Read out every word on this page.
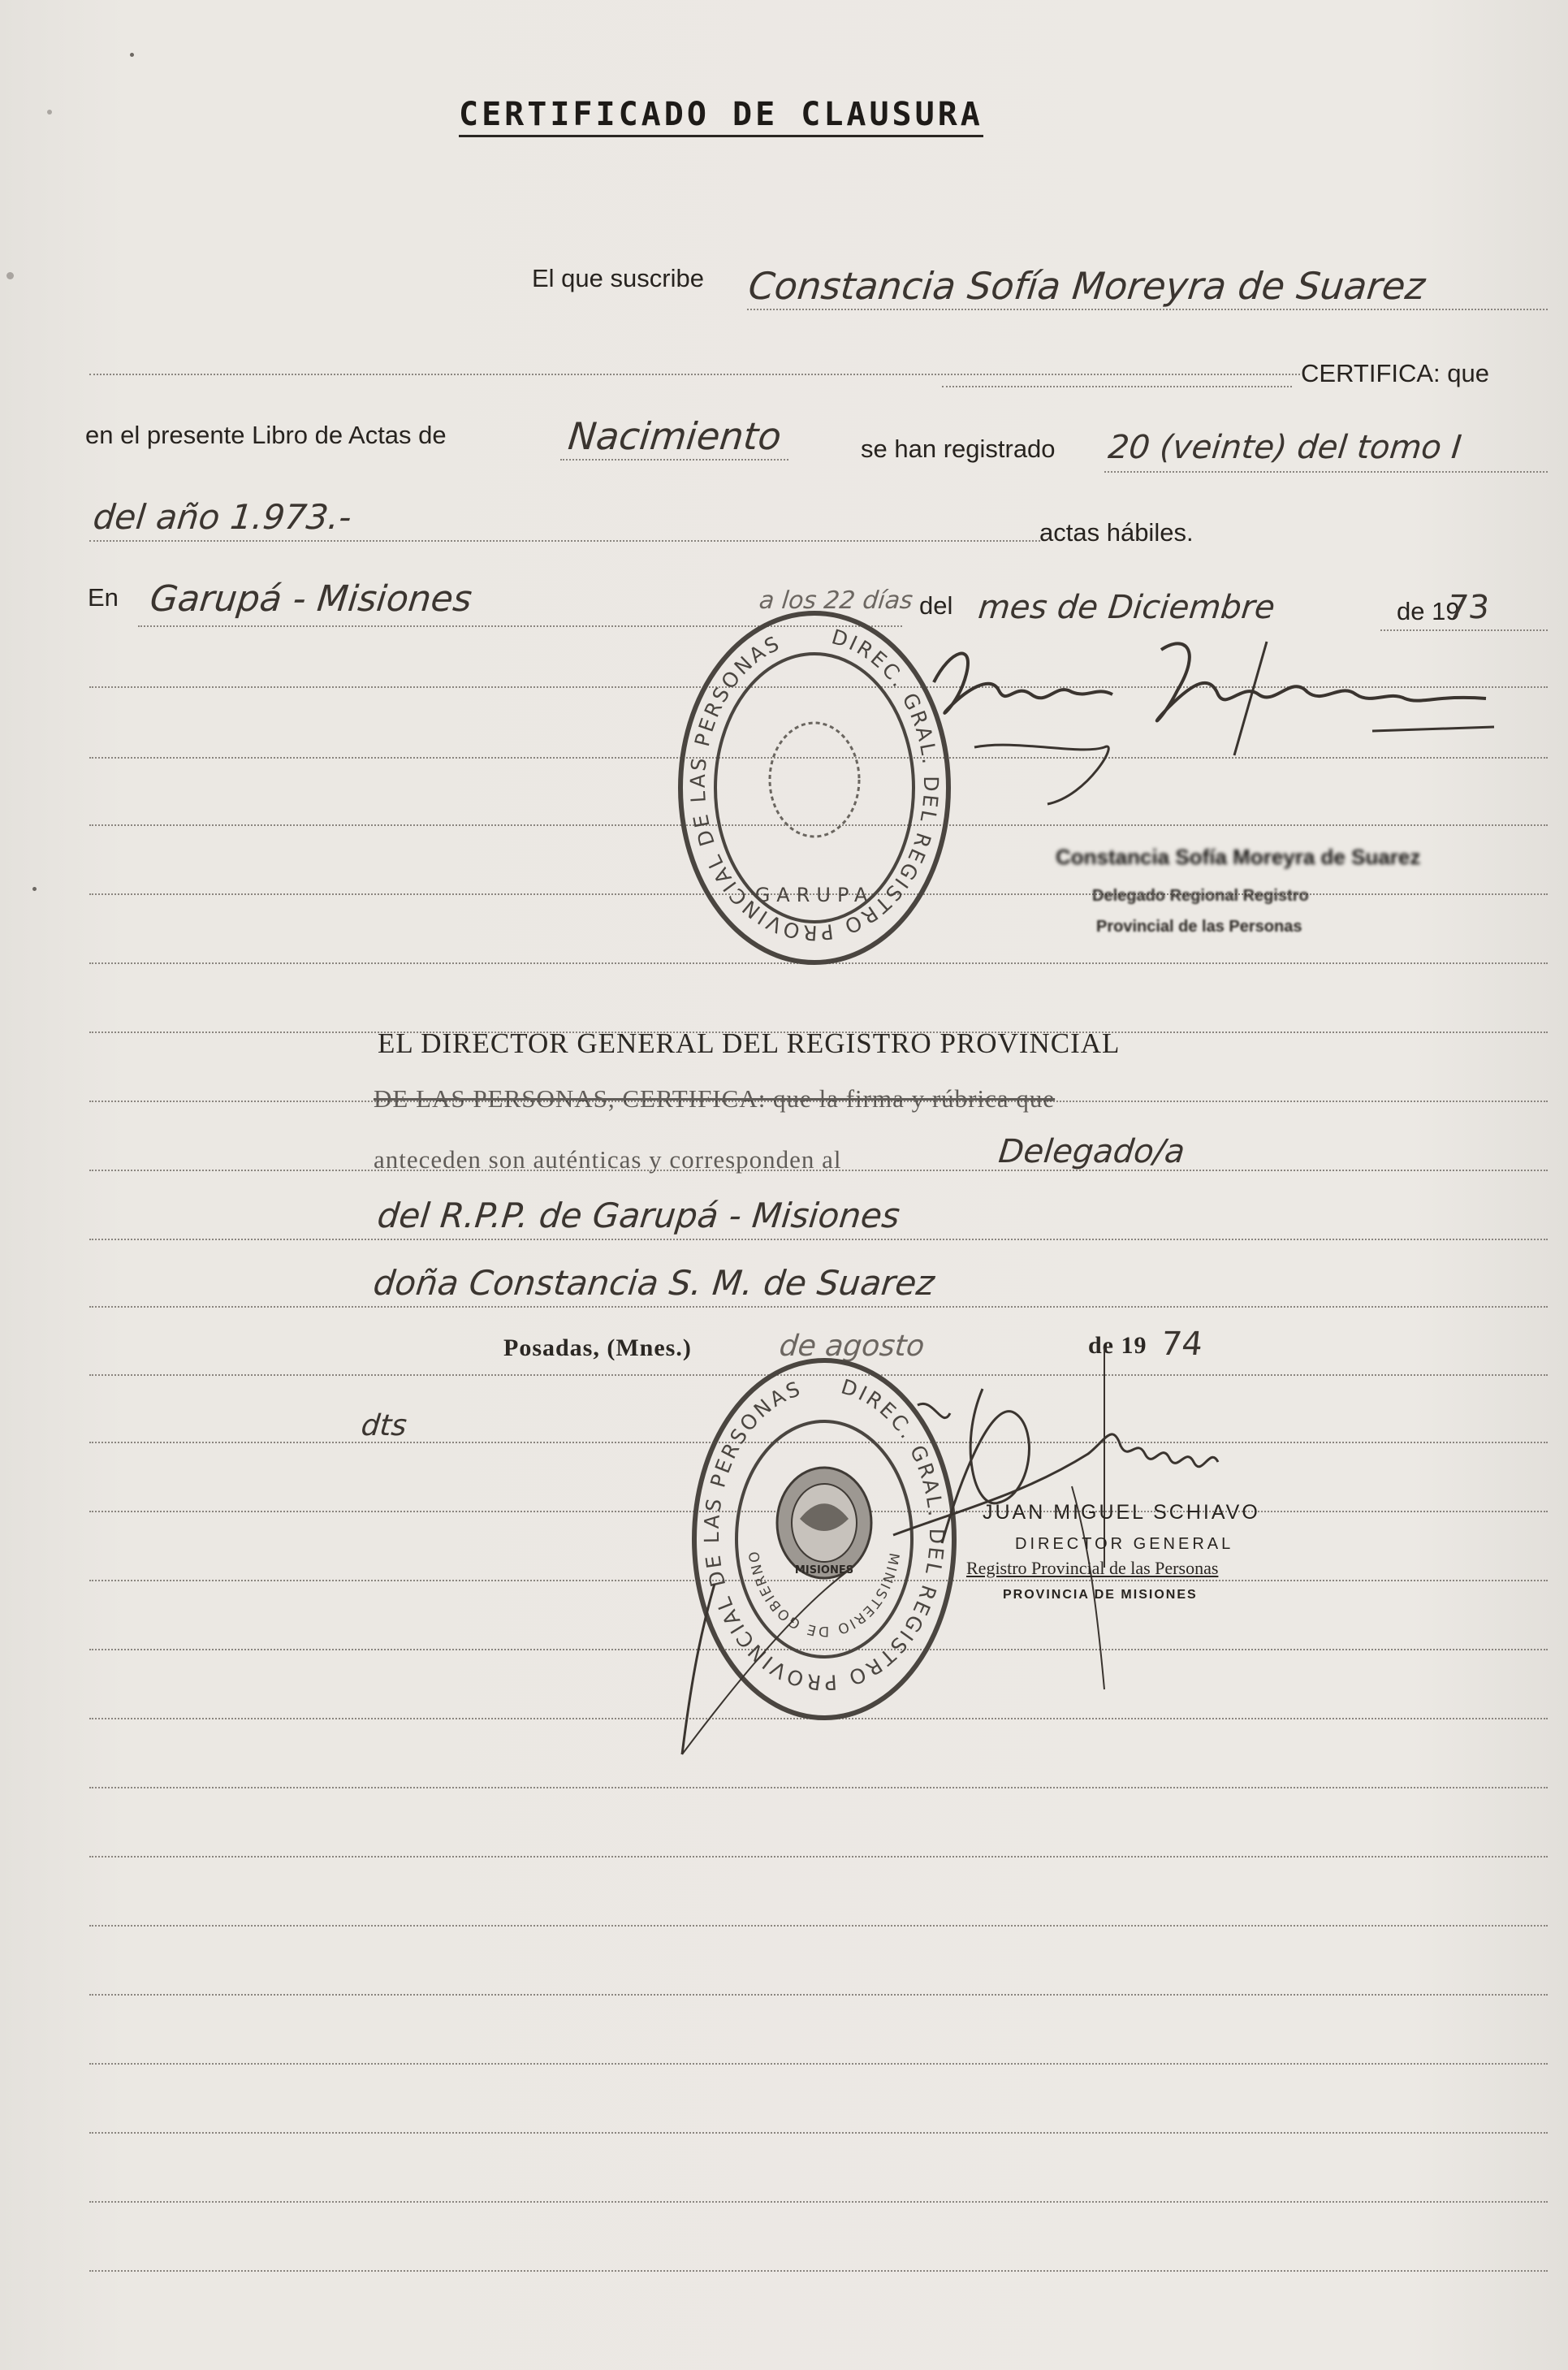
CERTIFICADO DE CLAUSURA
El que suscribe Constancia Sofía Moreyra de Suarez
CERTIFICA: que
en el presente Libro de Actas de	Nacimiento	se han registrado 20 (veinte) del tomo I
del año 1.973.-	actas hábiles.
En Garupá - Misiones	a los 22 días del mes de Diciembre	de 19
73
DIREC. GRAL. DEL REGISTRO PROVINCIAL DE LAS PERSONAS
GARUPA
Constancia Sofía Moreyra de Suarez
Delegado Regional Registro
Provincial de las Personas
EL DIRECTOR GENERAL DEL REGISTRO PROVINCIAL
DE LAS PERSONAS, CERTIFICA: que la firma y rúbrica que
anteceden son auténticas y corresponden al	Delegado/a
del R.P.P. de Garupá - Misiones
doña Constancia S. M. de Suarez
Posadas, (Mnes.)	de agosto	de 19 74
dts
DIREC. GRAL. DEL REGISTRO PROVINCIAL DE LAS PERSONAS
MINISTERIO DE GOBIERNO
MISIONES
JUAN MIGUEL SCHIAVO
DIRECTOR GENERAL
Registro Provincial de las Personas
PROVINCIA DE MISIONES
